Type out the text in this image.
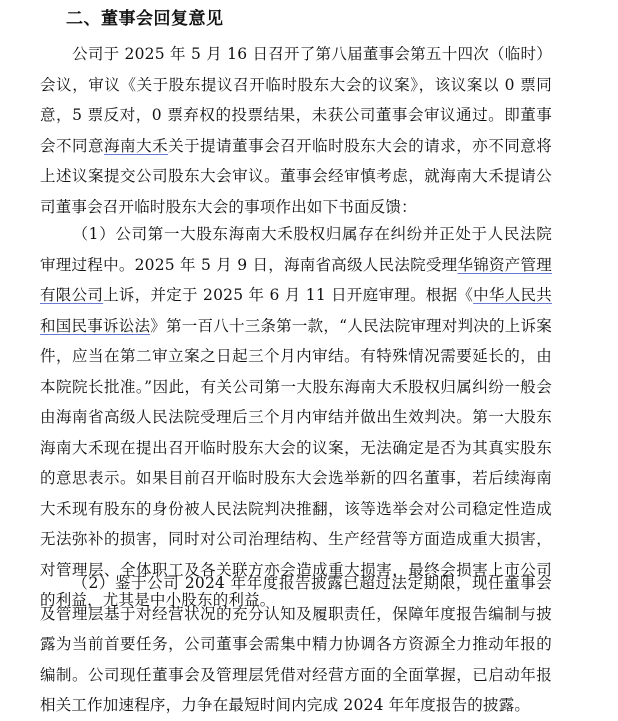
二、董事会回复意见
公司于 2025 年 5 月 16 日召开了第八届董事会第五十四次（临时）会议，审议《关于股东提议召开临时股东大会的议案》，该议案以 0 票同意，5 票反对，0 票弃权的投票结果，未获公司董事会审议通过。即董事会不同意海南大禾关于提请董事会召开临时股东大会的请求，亦不同意将上述议案提交公司股东大会审议。董事会经审慎考虑，就海南大禾提请公司董事会召开临时股东大会的事项作出如下书面反馈：
（1）公司第一大股东海南大禾股权归属存在纠纷并正处于人民法院审理过程中。2025 年 5 月 9 日，海南省高级人民法院受理华锦资产管理有限公司上诉，并定于 2025 年 6 月 11 日开庭审理。根据《中华人民共和国民事诉讼法》第一百八十三条第一款，“人民法院审理对判决的上诉案件，应当在第二审立案之日起三个月内审结。有特殊情况需要延长的，由本院院长批准。”因此，有关公司第一大股东海南大禾股权归属纠纷一般会由海南省高级人民法院受理后三个月内审结并做出生效判决。第一大股东海南大禾现在提出召开临时股东大会的议案，无法确定是否为其真实股东的意思表示。如果目前召开临时股东大会选举新的四名董事，若后续海南大禾现有股东的身份被人民法院判决推翻，该等选举会对公司稳定性造成无法弥补的损害，同时对公司治理结构、生产经营等方面造成重大损害，对管理层、全体职工及各关联方亦会造成重大损害，最终会损害上市公司的利益，尤其是中小股东的利益。
（2）鉴于公司 2024 年年度报告披露已超过法定期限，现任董事会及管理层基于对经营状况的充分认知及履职责任，保障年度报告编制与披露为当前首要任务，公司董事会需集中精力协调各方资源全力推动年报的编制。公司现任董事会及管理层凭借对经营方面的全面掌握，已启动年报相关工作加速程序，力争在最短时间内完成 2024 年年度报告的披露。
